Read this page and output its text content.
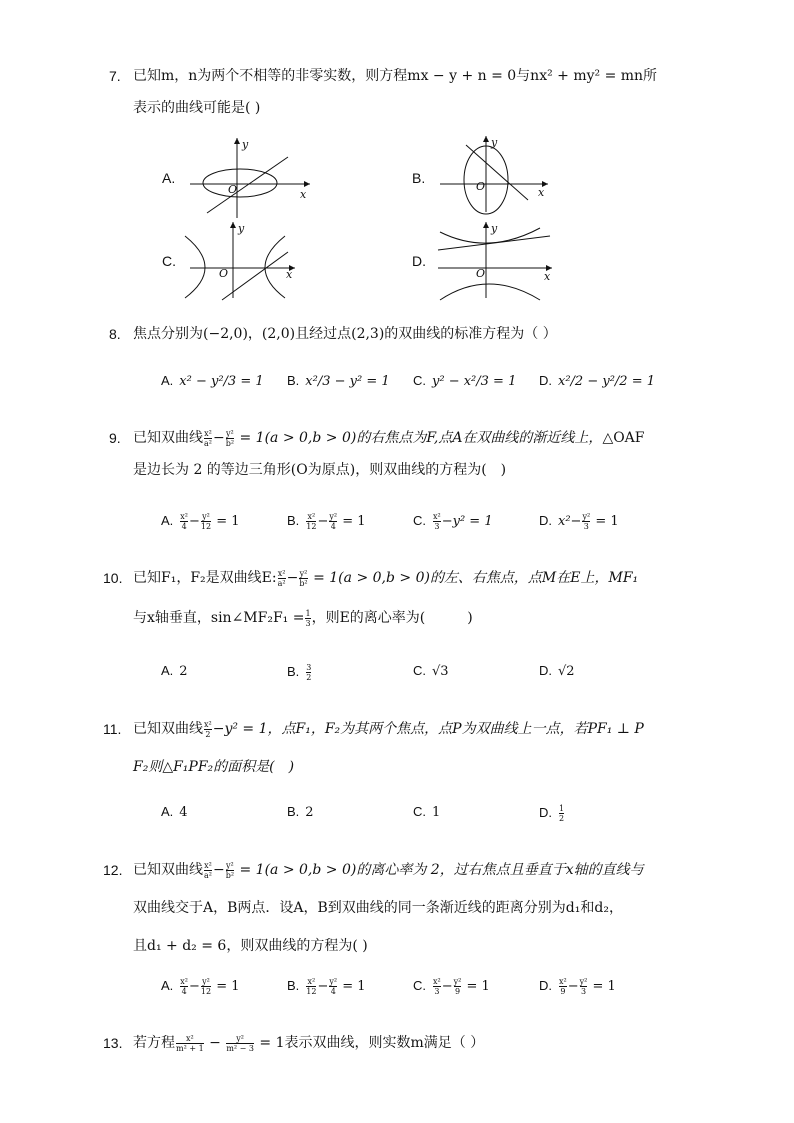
7. 已知m，n为两个不相等的非零实数，则方程mx − y + n = 0与nx² + my² = mn所
表示的曲线可能是( )
A.
y
x
O
B.
y
x
O
C.
y
x
O
D.
y
x
O
8. 焦点分别为(−2,0)，(2,0)且经过点(2,3)的双曲线的标准方程为（ ）
A. x² − y²/3 = 1 B. x²/3 − y² = 1 C. y² − x²/3 = 1 D. x²/2 − y²/2 = 1
9. 已知双曲线 $\frac{\text{x²}}{\text{a²}} - \frac{\text{y²}}{\text{b²}} = 1(a > 0,b > 0)$的右焦点为F,点A在双曲线的渐近线上，△OAF
是边长为 2 的等边三角形(O为原点)，则双曲线的方程为(　)
A. $\frac{\text{x²}}{4} - \frac{\text{y²}}{12} = 1$	B. $\frac{\text{x²}}{12} - \frac{\text{y²}}{4} = 1$	C. $\frac{\text{x²}}{3} -y^2 = 1$	D. $x^2- \frac{\text{y²}}{3} = 1$
10. 已知F₁，F₂是双曲线E: $\frac{\text{x²}}{\text{a²}} - \frac{\text{y²}}{\text{b²}} = 1(a > 0,b > 0)$的左、右焦点，点M在E上，MF₁
与x轴垂直，sin∠MF₂F₁ = $\frac{1}{3}$ ，则E的离心率为(　　　)
A. 2	B. $\frac{3}{2}$	C. √3	D. √2
11. 已知双曲线 $\frac{\text{x²}}{2} -y^2 = 1$，点F₁，F₂为其两个焦点，点P为双曲线上一点，若PF₁ ⊥ P
F₂则△F₁PF₂的面积是(　)
A. 4	B. 2	C. 1	D. $\frac{1}{2}$
12. 已知双曲线 $\frac{\text{x²}}{\text{a²}} - \frac{\text{y²}}{\text{b²}} = 1(a > 0,b > 0)$的离心率为 2，过右焦点且垂直于x轴的直线与
双曲线交于A，B两点．设A，B到双曲线的同一条渐近线的距离分别为d₁和d₂，
且d₁ + d₂ = 6，则双曲线的方程为( )
A. $\frac{\text{x²}}{4} - \frac{\text{y²}}{12} = 1$	B. $\frac{\text{x²}}{12} - \frac{\text{y²}}{4} = 1$	C. $\frac{\text{x²}}{3} - \frac{\text{y²}}{9} = 1$	D. $\frac{\text{x²}}{9} - \frac{\text{y²}}{3} = 1$
13. 若方程 $\frac{\text{x²}}{\text{m² + 1}} - \frac{\text{y²}}{\text{m² − 3}} = 1$表示双曲线，则实数m满足（ ）
